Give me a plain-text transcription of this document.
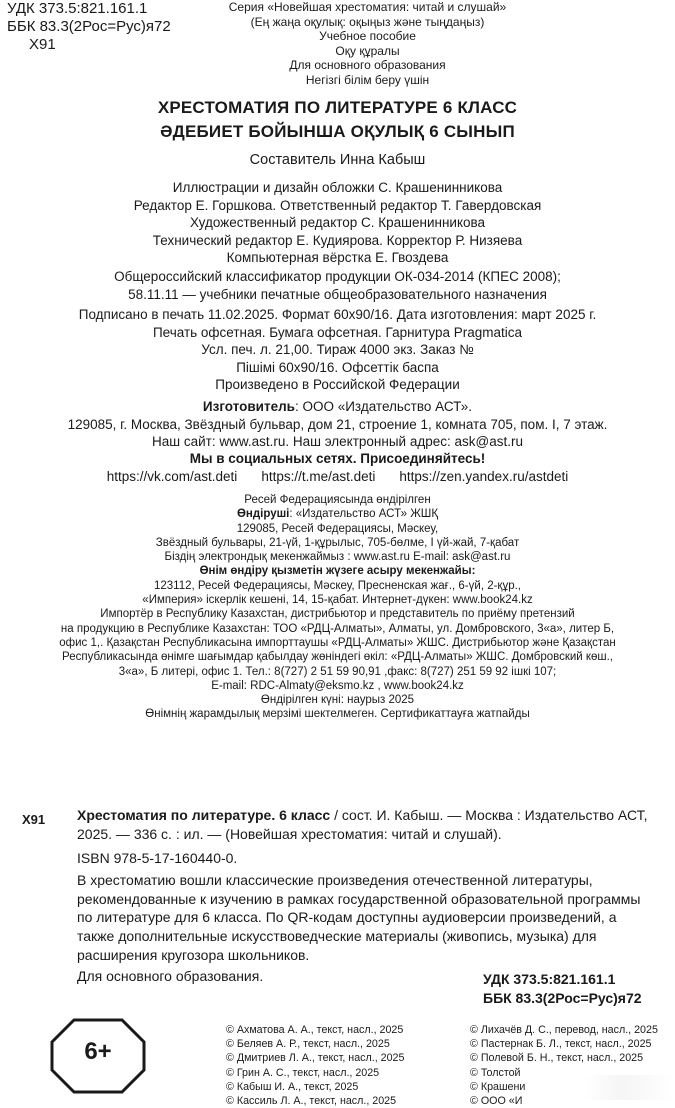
УДК 373.5:821.161.1
ББК 83.3(2Рос=Рус)я72
Х91
Серия «Новейшая хрестоматия: читай и слушай»
(Ең жаңа оқулық: оқыңыз және тыңдаңыз)
Учебное пособие
Оқу құралы
Для основного образования
Негізгі білім беру үшін
ХРЕСТОМАТИЯ ПО ЛИТЕРАТУРЕ 6 КЛАСС
ӘДЕБИЕТ БОЙЫНША ОҚУЛЫҚ 6 СЫНЫП
Составитель Инна Кабыш
Иллюстрации и дизайн обложки С. Крашенинникова
Редактор Е. Горшкова. Ответственный редактор Т. Гавердовская
Художественный редактор С. Крашенинникова
Технический редактор Е. Кудиярова. Корректор Р. Низяева
Компьютерная вёрстка Е. Гвоздева
Общероссийский классификатор продукции ОК-034-2014 (КПЕС 2008);
58.11.11 — учебники печатные общеобразовательного назначения
Подписано в печать 11.02.2025. Формат 60х90/16. Дата изготовления: март 2025 г.
Печать офсетная. Бумага офсетная. Гарнитура Pragmatica
Усл. печ. л. 21,00. Тираж 4000 экз. Заказ №
Пішімі 60х90/16. Офсеттік баспа
Произведено в Российской Федерации
Изготовитель: ООО «Издательство АСТ».
129085, г. Москва, Звёздный бульвар, дом 21, строение 1, комната 705, пом. I, 7 этаж.
Наш сайт: www.ast.ru. Наш электронный адрес: ask@ast.ru
Мы в социальных сетях. Присоединяйтесь!
https://vk.com/ast.deti https://t.me/ast.deti https://zen.yandex.ru/astdeti
Ресей Федерациясында өндірілген
Өндіруші: «Издательство АСТ» ЖШҚ
129085, Ресей Федерациясы, Мәскеу,
Звёздный бульвары, 21-үй, 1-құрылыс, 705-бөлме, I үй-жай, 7-қабат
Біздің электрондық мекенжаймыз : www.ast.ru E-mail: ask@ast.ru
Өнім өндіру қызметін жүзеге асыру мекенжайы:
123112, Ресей Федерациясы, Мәскеу, Пресненская жағ., 6-үй, 2-құр.,
«Империя» іскерлік кешені, 14, 15-қабат. Интернет-дүкен: www.book24.kz
Импортёр в Республику Казахстан, дистрибьютор и представитель по приёму претензий
на продукцию в Республике Казахстан: ТОО «РДЦ-Алматы», Алматы, ул. Домбровского, 3«а», литер Б,
офис 1,. Қазақстан Республикасына импорттаушы «РДЦ-Алматы» ЖШС. Дистрибьютор және Қазақстан
Республикасында өнімге шағымдар қабылдау жөніндегі өкіл: «РДЦ-Алматы» ЖШС. Домбровский көш.,
3«а», Б литері, офис 1. Тел.: 8(727) 2 51 59 90,91 ,факс: 8(727) 251 59 92 ішкі 107;
E-mail: RDC-Almaty@eksmo.kz , www.book24.kz
Өндірілген күні: наурыз 2025
Өнімнің жарамдылық мерзімі шектелмеген. Сертификаттауға жатпайды
Х91 Хрестоматия по литературе. 6 класс / сост. И. Кабыш. — Москва : Издательство АСТ, 2025. — 336 с. : ил. — (Новейшая хрестоматия: читай и слушай).
ISBN 978-5-17-160440-0.

В хрестоматию вошли классические произведения отечественной литературы, рекомендованные к изучению в рамках государственной образовательной программы по литературе для 6 класса. По QR-кодам доступны аудиоверсии произведений, а также дополнительные искусствоведческие материалы (живопись, музыка) для расширения кругозора школьников.

Для основного образования.	УДК 373.5:821.161.1
ББК 83.3(2Рос=Рус)я72
6+
© Ахматова А. А., текст, насл., 2025
© Беляев А. Р., текст, насл., 2025
© Дмитриев Л. А., текст, насл., 2025
© Грин А. С., текст, насл., 2025
© Кабыш И. А., текст, 2025
© Кассиль Л. А., текст, насл., 2025
© Лихачёв Д. С., перевод, насл., 2025
© Пастернак Б. Л., текст, насл., 2025
© Полевой Б. Н., текст, насл., 2025
© Толстой
© Крашени
© ООО «И
